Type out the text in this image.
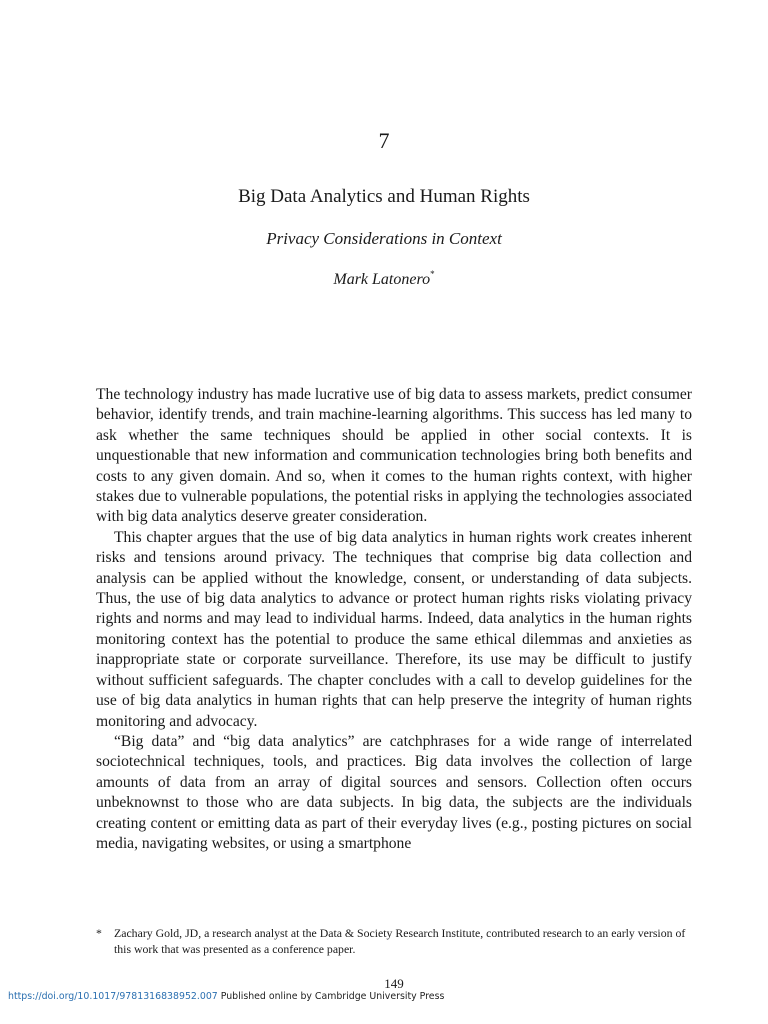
7
Big Data Analytics and Human Rights
Privacy Considerations in Context
Mark Latonero*

The technology industry has made lucrative use of big data to assess markets, predict consumer behavior, identify trends, and train machine-learning algorithms. This success has led many to ask whether the same techniques should be applied in other social contexts. It is unquestionable that new information and communication technologies bring both benefits and costs to any given domain. And so, when it comes to the human rights context, with higher stakes due to vulnerable populations, the potential risks in applying the technologies associated with big data analytics deserve greater consideration.

This chapter argues that the use of big data analytics in human rights work creates inherent risks and tensions around privacy. The techniques that comprise big data collection and analysis can be applied without the knowledge, consent, or understanding of data subjects. Thus, the use of big data analytics to advance or protect human rights risks violating privacy rights and norms and may lead to individual harms. Indeed, data analytics in the human rights monitoring context has the potential to produce the same ethical dilemmas and anxieties as inappropriate state or corporate surveillance. Therefore, its use may be difficult to justify without sufficient safeguards. The chapter concludes with a call to develop guidelines for the use of big data analytics in human rights that can help preserve the integrity of human rights monitoring and advocacy.

“Big data” and “big data analytics” are catchphrases for a wide range of interrelated sociotechnical techniques, tools, and practices. Big data involves the collection of large amounts of data from an array of digital sources and sensors. Collection often occurs unbeknownst to those who are data subjects. In big data, the subjects are the individuals creating content or emitting data as part of their everyday lives (e.g., posting pictures on social media, navigating websites, or using a smartphone

* Zachary Gold, JD, a research analyst at the Data & Society Research Institute, contributed research to an early version of this work that was presented as a conference paper.
149
https://doi.org/10.1017/9781316838952.007 Published online by Cambridge University Press
